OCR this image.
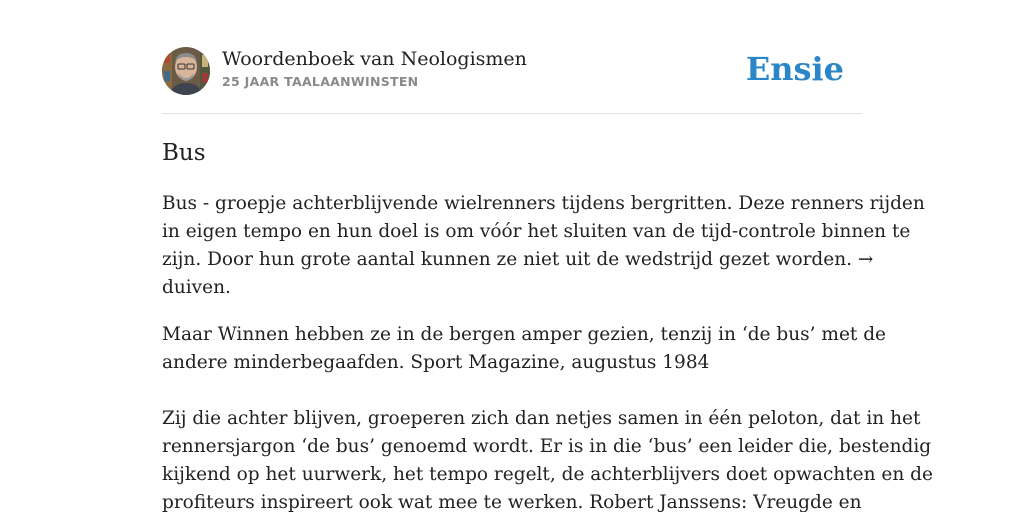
Woordenboek van Neologismen
25 JAAR TAALAANWINSTEN	Ensie
Bus

Bus - groepje achterblijvende wielrenners tijdens bergritten. Deze renners rijden
in eigen tempo en hun doel is om vóór het sluiten van de tijd-controle binnen te
zijn. Door hun grote aantal kunnen ze niet uit de wedstrijd gezet worden. →
duiven.

Maar Winnen hebben ze in de bergen amper gezien, tenzij in ‘de bus’ met de
andere minderbegaafden. Sport Magazine, augustus 1984

Zij die achter blijven, groeperen zich dan netjes samen in één peloton, dat in het
rennersjargon ‘de bus’ genoemd wordt. Er is in die ‘bus’ een leider die, bestendig
kijkend op het uurwerk, het tempo regelt, de achterblijvers doet opwachten en de
profiteurs inspireert ook wat mee te werken. Robert Janssens: Vreugde en
